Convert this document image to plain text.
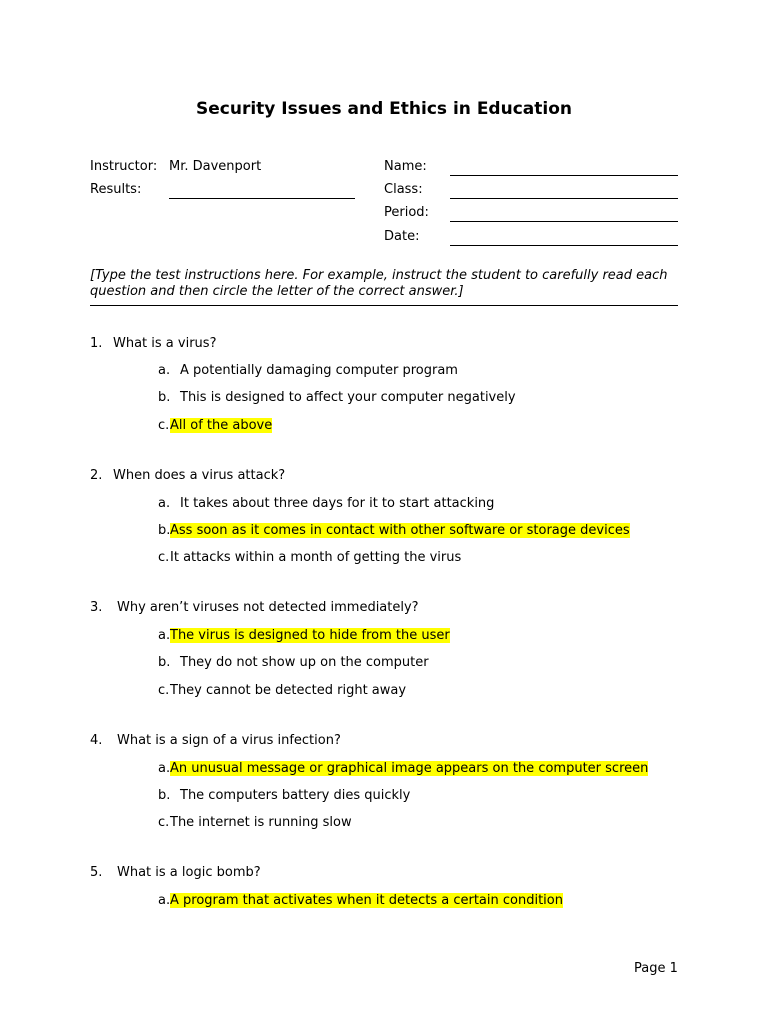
Security Issues and Ethics in Education
Instructor: Mr. Davenport
Results:
Name:
Class:
Period:
Date:
[Type the test instructions here. For example, instruct the student to carefully read each question and then circle the letter of the correct answer.]
1. What is a virus?
a. A potentially damaging computer program
b. This is designed to affect your computer negatively
c. All of the above
2. When does a virus attack?
a. It takes about three days for it to start attacking
b. Ass soon as it comes in contact with other software or storage devices
c. It attacks within a month of getting the virus
3. Why aren’t viruses not detected immediately?
a. The virus is designed to hide from the user
b. They do not show up on the computer
c. They cannot be detected right away
4. What is a sign of a virus infection?
a. An unusual message or graphical image appears on the computer screen
b. The computers battery dies quickly
c. The internet is running slow
5. What is a logic bomb?
a. A program that activates when it detects a certain condition
Page 1
